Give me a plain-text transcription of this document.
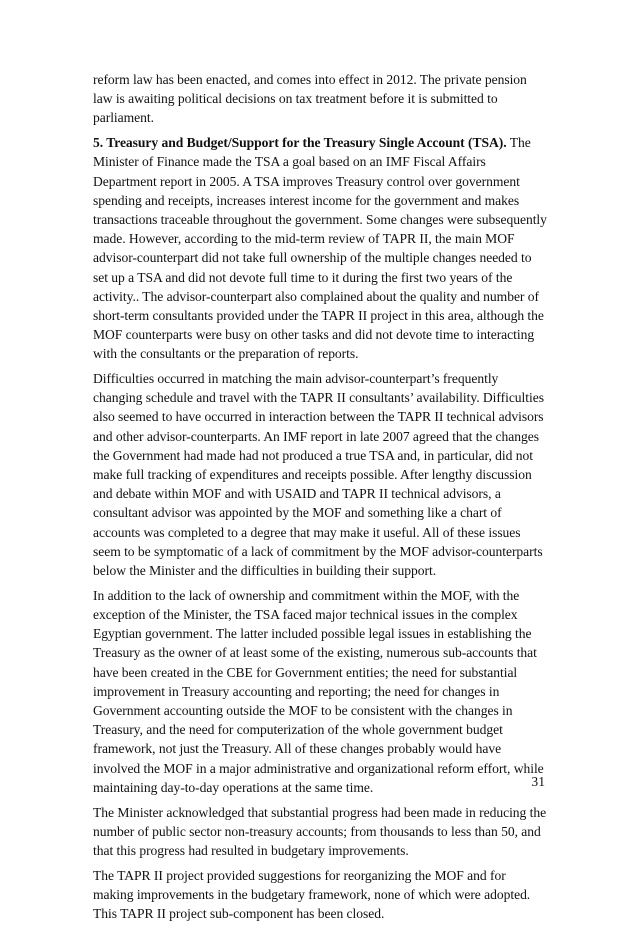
reform law has been enacted, and comes into effect in 2012. The private pension law is awaiting political decisions on tax treatment before it is submitted to parliament.

5. Treasury and Budget/Support for the Treasury Single Account (TSA). The Minister of Finance made the TSA a goal based on an IMF Fiscal Affairs Department report in 2005. A TSA improves Treasury control over government spending and receipts, increases interest income for the government and makes transactions traceable throughout the government. Some changes were subsequently made. However, according to the mid-term review of TAPR II, the main MOF advisor-counterpart did not take full ownership of the multiple changes needed to set up a TSA and did not devote full time to it during the first two years of the activity.. The advisor-counterpart also complained about the quality and number of short-term consultants provided under the TAPR II project in this area, although the MOF counterparts were busy on other tasks and did not devote time to interacting with the consultants or the preparation of reports.

Difficulties occurred in matching the main advisor-counterpart’s frequently changing schedule and travel with the TAPR II consultants’ availability. Difficulties also seemed to have occurred in interaction between the TAPR II technical advisors and other advisor-counterparts. An IMF report in late 2007 agreed that the changes the Government had made had not produced a true TSA and, in particular, did not make full tracking of expenditures and receipts possible. After lengthy discussion and debate within MOF and with USAID and TAPR II technical advisors, a consultant advisor was appointed by the MOF and something like a chart of accounts was completed to a degree that may make it useful. All of these issues seem to be symptomatic of a lack of commitment by the MOF advisor-counterparts below the Minister and the difficulties in building their support.

In addition to the lack of ownership and commitment within the MOF, with the exception of the Minister, the TSA faced major technical issues in the complex Egyptian government. The latter included possible legal issues in establishing the Treasury as the owner of at least some of the existing, numerous sub-accounts that have been created in the CBE for Government entities; the need for substantial improvement in Treasury accounting and reporting; the need for changes in Government accounting outside the MOF to be consistent with the changes in Treasury, and the need for computerization of the whole government budget framework, not just the Treasury. All of these changes probably would have involved the MOF in a major administrative and organizational reform effort, while maintaining day-to-day operations at the same time.

The Minister acknowledged that substantial progress had been made in reducing the number of public sector non-treasury accounts; from thousands to less than 50, and that this progress had resulted in budgetary improvements.

The TAPR II project provided suggestions for reorganizing the MOF and for making improvements in the budgetary framework, none of which were adopted. This TAPR II project sub-component has been closed.

31
